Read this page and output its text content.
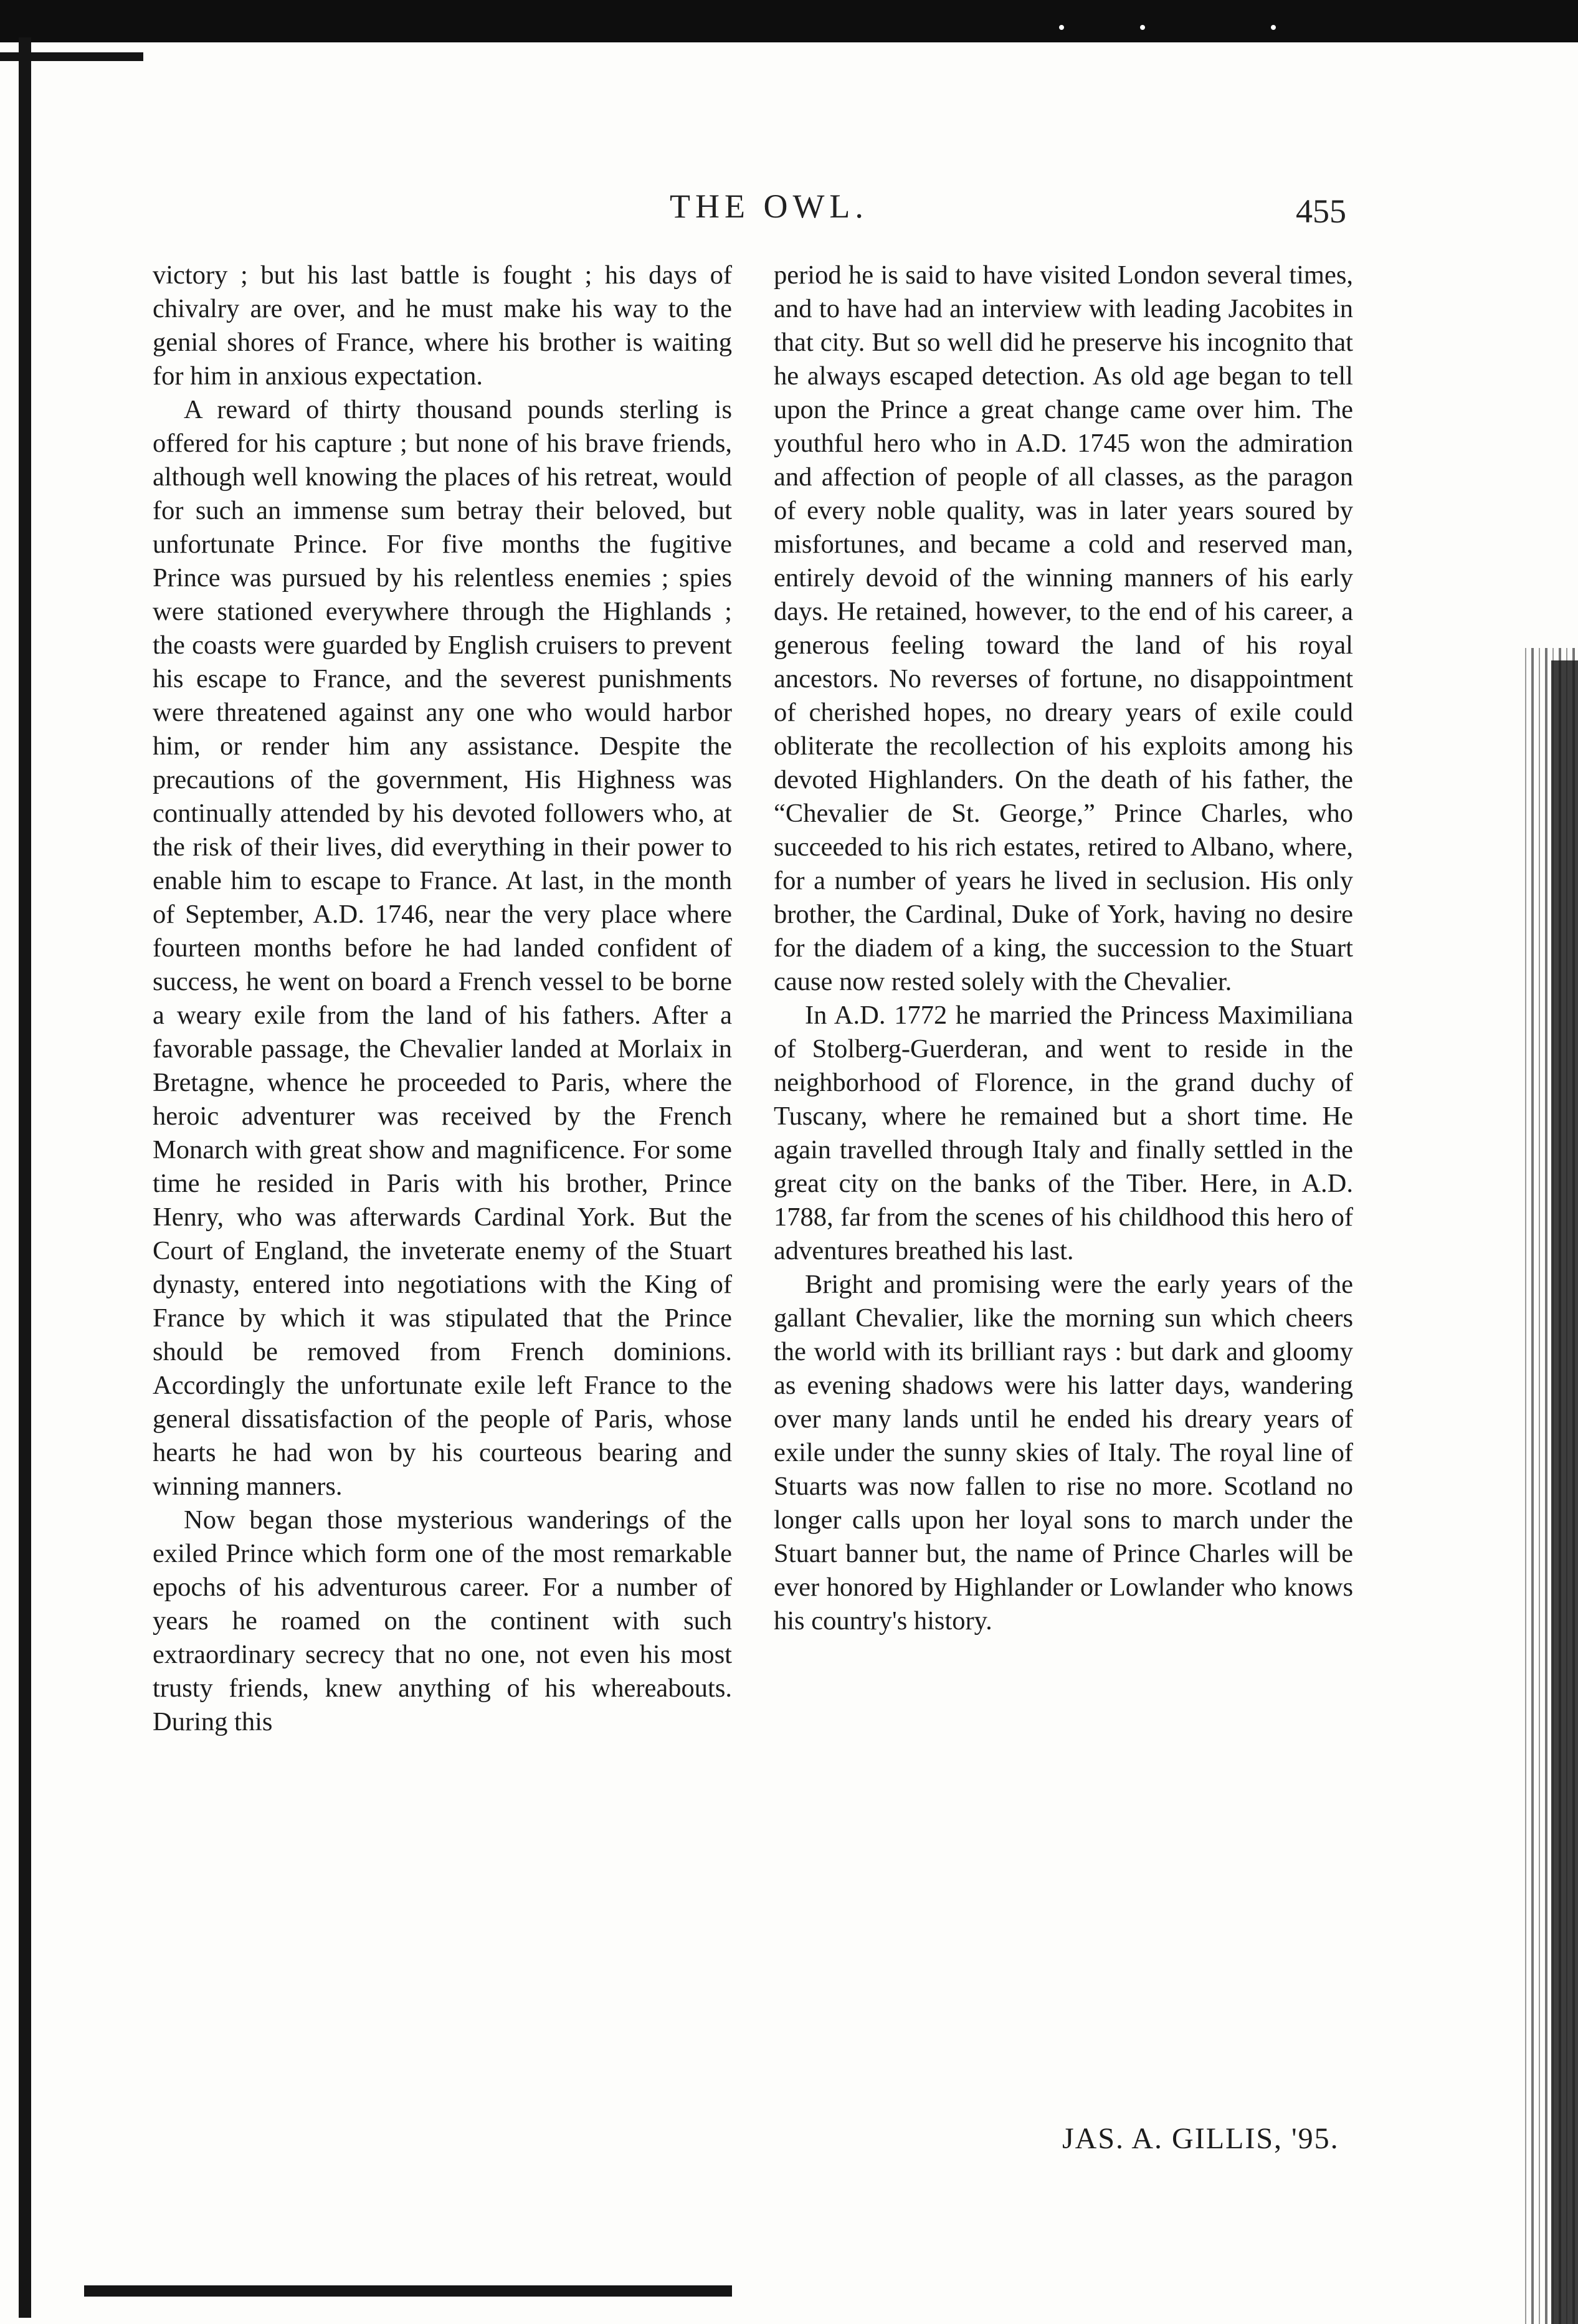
THE OWL.	455

victory ; but his last battle is fought ; his days of chivalry are over, and he must make his way to the genial shores of France, where his brother is waiting for him in anxious expectation.

A reward of thirty thousand pounds sterling is offered for his capture ; but none of his brave friends, although well knowing the places of his retreat, would for such an immense sum betray their beloved, but unfortunate Prince. For five months the fugitive Prince was pursued by his relentless enemies ; spies were stationed everywhere through the Highlands ; the coasts were guarded by English cruisers to prevent his escape to France, and the severest punishments were threatened against any one who would harbor him, or render him any assistance. Despite the precautions of the government, His Highness was continually attended by his devoted followers who, at the risk of their lives, did everything in their power to enable him to escape to France. At last, in the month of September, A.D. 1746, near the very place where fourteen months before he had landed confident of success, he went on board a French vessel to be borne a weary exile from the land of his fathers. After a favorable passage, the Chevalier landed at Morlaix in Bretagne, whence he proceeded to Paris, where the heroic adventurer was received by the French Monarch with great show and magnificence. For some time he resided in Paris with his brother, Prince Henry, who was afterwards Cardinal York. But the Court of England, the inveterate enemy of the Stuart dynasty, entered into negotiations with the King of France by which it was stipulated that the Prince should be removed from French dominions. Accordingly the unfortunate exile left France to the general dissatisfaction of the people of Paris, whose hearts he had won by his courteous bearing and winning manners.

Now began those mysterious wanderings of the exiled Prince which form one of the most remarkable epochs of his adventurous career. For a number of years he roamed on the continent with such extraordinary secrecy that no one, not even his most trusty friends, knew anything of his whereabouts. During this

period he is said to have visited London several times, and to have had an interview with leading Jacobites in that city. But so well did he preserve his incognito that he always escaped detection. As old age began to tell upon the Prince a great change came over him. The youthful hero who in A.D. 1745 won the admiration and affection of people of all classes, as the paragon of every noble quality, was in later years soured by misfortunes, and became a cold and reserved man, entirely devoid of the winning manners of his early days. He retained, however, to the end of his career, a generous feeling toward the land of his royal ancestors. No reverses of fortune, no disappointment of cherished hopes, no dreary years of exile could obliterate the recollection of his exploits among his devoted Highlanders. On the death of his father, the “Chevalier de St. George,” Prince Charles, who succeeded to his rich estates, retired to Albano, where, for a number of years he lived in seclusion. His only brother, the Cardinal, Duke of York, having no desire for the diadem of a king, the succession to the Stuart cause now rested solely with the Chevalier.

In A.D. 1772 he married the Princess Maximiliana of Stolberg-Guerderan, and went to reside in the neighborhood of Florence, in the grand duchy of Tuscany, where he remained but a short time. He again travelled through Italy and finally settled in the great city on the banks of the Tiber. Here, in A.D. 1788, far from the scenes of his childhood this hero of adventures breathed his last.

Bright and promising were the early years of the gallant Chevalier, like the morning sun which cheers the world with its brilliant rays : but dark and gloomy as evening shadows were his latter days, wandering over many lands until he ended his dreary years of exile under the sunny skies of Italy. The royal line of Stuarts was now fallen to rise no more. Scotland no longer calls upon her loyal sons to march under the Stuart banner but, the name of Prince Charles will be ever honored by Highlander or Lowlander who knows his country's history.

JAS. A. GILLIS, '95.
